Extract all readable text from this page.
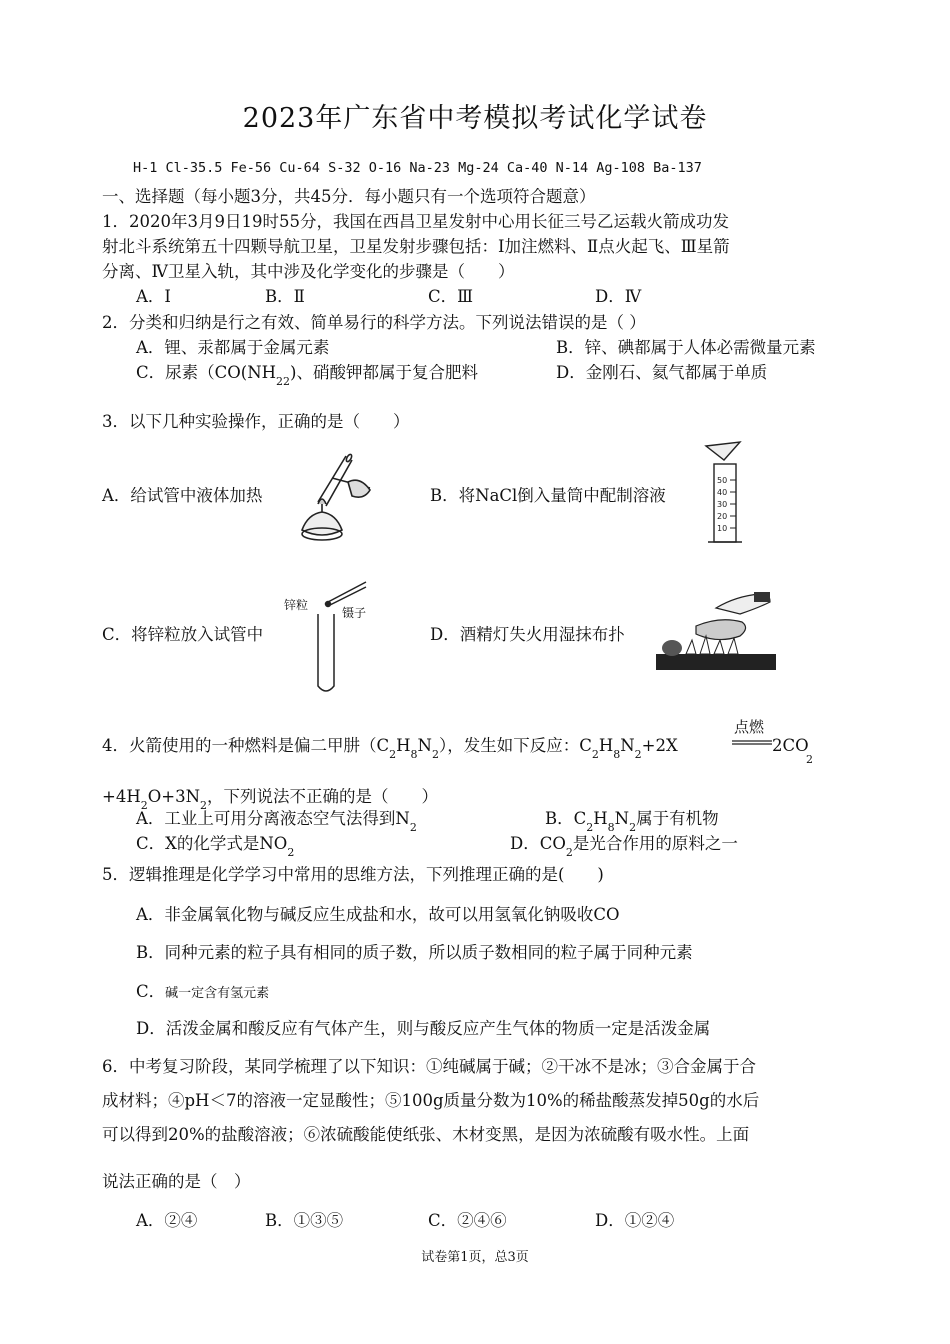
2023年广东省中考模拟考试化学试卷
H-1 Cl-35.5 Fe-56 Cu-64 S-32 O-16 Na-23 Mg-24 Ca-40 N-14 Ag-108 Ba-137
一、选择题（每小题3分，共45分．每小题只有一个选项符合题意）
1．2020年3月9日19时55分，我国在西昌卫星发射中心用长征三号乙运载火箭成功发
射北斗系统第五十四颗导航卫星，卫星发射步骤包括：Ⅰ加注燃料、Ⅱ点火起飞、Ⅲ星箭
分离、Ⅳ卫星入轨，其中涉及化学变化的步骤是（　　）
A．Ⅰ	B．Ⅱ	C．Ⅲ	D．Ⅳ
2．分类和归纳是行之有效、简单易行的科学方法。下列说法错误的是（ ）
A．锂、汞都属于金属元素	B．锌、碘都属于人体必需微量元素
C．尿素（$CO(NH_{22})$、硝酸钾都属于复合肥料	D．金刚石、氦气都属于单质
3．以下几种实验操作，正确的是（　　）
A．给试管中液体加热	B．将NaCl倒入量筒中配制溶液
50
40
30
20
10
C．将锌粒放入试管中
锌粒
镊子
D．酒精灯失火用湿抹布扑
4．火箭使用的一种燃料是偏二甲肼$(C_2H_8N_2)$，发生如下反应：$C_2H_8N_2+2X$
点燃
2CO
2
$+4H_2O+3N_2$，下列说法不正确的是（　　）
A．工业上可用分离液态空气法得到$N_2$	B．$C_2H_8N_2$属于有机物
C．X的化学式是$NO_2$	D．$CO_2$是光合作用的原料之一
5．逻辑推理是化学学习中常用的思维方法，下列推理正确的是(　　)
A．非金属氧化物与碱反应生成盐和水，故可以用氢氧化钠吸收CO
B．同种元素的粒子具有相同的质子数，所以质子数相同的粒子属于同种元素
C．碱一定含有氢元素
D．活泼金属和酸反应有气体产生，则与酸反应产生气体的物质一定是活泼金属
6．中考复习阶段，某同学梳理了以下知识：①纯碱属于碱；②干冰不是冰；③合金属于合
成材料；④pH＜7的溶液一定显酸性；⑤100g质量分数为10%的稀盐酸蒸发掉50g的水后
可以得到20%的盐酸溶液；⑥浓硫酸能使纸张、木材变黑，是因为浓硫酸有吸水性。上面
说法正确的是（　）
A．②④	B．①③⑤	C．②④⑥	D．①②④
试卷第1页，总3页
